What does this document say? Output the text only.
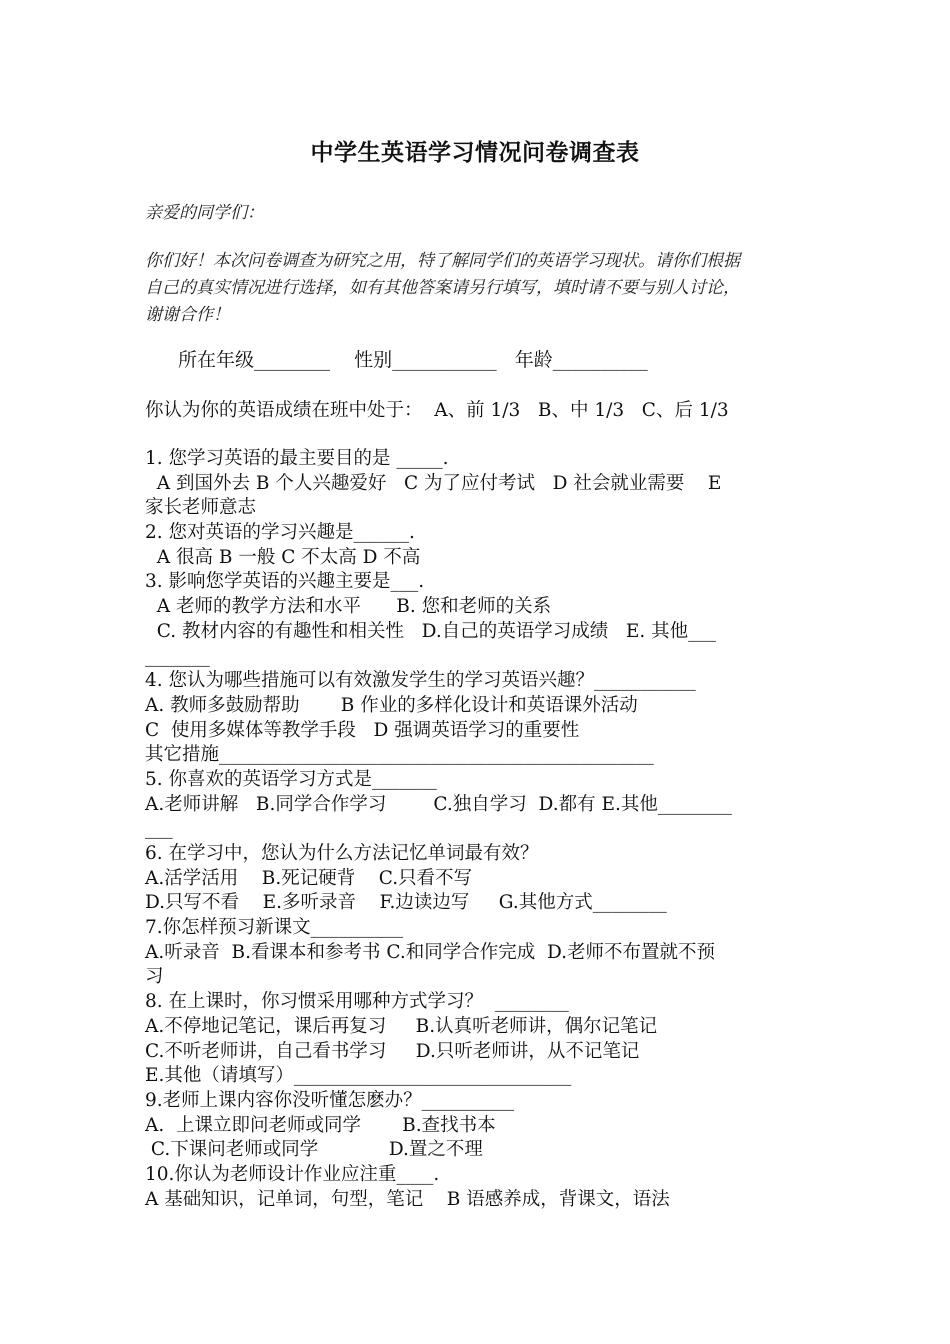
中学生英语学习情况问卷调查表
亲爱的同学们：
你们好！本次问卷调查为研究之用，特了解同学们的英语学习现状。请你们根据
自己的真实情况进行选择，如有其他答案请另行填写，填时请不要与别人讨论，
谢谢合作！
所在年级________    性别___________   年龄__________
你认为你的英语成绩在班中处于：  A、前 1/3   B、中 1/3   C、后 1/3
1. 您学习英语的最主要目的是 _____.
A 到国外去 B 个人兴趣爱好   C 为了应付考试   D 社会就业需要    E
家长老师意志
2. 您对英语的学习兴趣是______.
A 很高 B 一般 C 不太高 D 不高
3. 影响您学英语的兴趣主要是___.
A 老师的教学方法和水平      B. 您和老师的关系
C. 教材内容的有趣性和相关性   D.自己的英语学习成绩   E. 其他___
_______
4. 您认为哪些措施可以有效激发学生的学习英语兴趣？___________
A. 教师多鼓励帮助       B 作业的多样化设计和英语课外活动
C  使用多媒体等教学手段   D 强调英语学习的重要性
其它措施_______________________________________________
5. 你喜欢的英语学习方式是_______
A.老师讲解   B.同学合作学习        C.独自学习  D.都有 E.其他________
___
6. 在学习中，您认为什么方法记忆单词最有效？
A.活学活用    B.死记硬背    C.只看不写
D.只写不看    E.多听录音    F.边读边写     G.其他方式________
7.你怎样预习新课文__________
A.听录音  B.看课本和参考书 C.和同学合作完成  D.老师不布置就不预
习
8. 在上课时，你习惯采用哪种方式学习？  ________
A.不停地记笔记，课后再复习     B.认真听老师讲，偶尔记笔记
C.不听老师讲，自己看书学习     D.只听老师讲，从不记笔记
E.其他（请填写）______________________________
9.老师上课内容你没听懂怎麽办？__________
A.  上课立即问老师或同学       B.查找书本
C.下课问老师或同学            D.置之不理
10.你认为老师设计作业应注重____.
A 基础知识，记单词，句型，笔记    B 语感养成，背课文，语法
